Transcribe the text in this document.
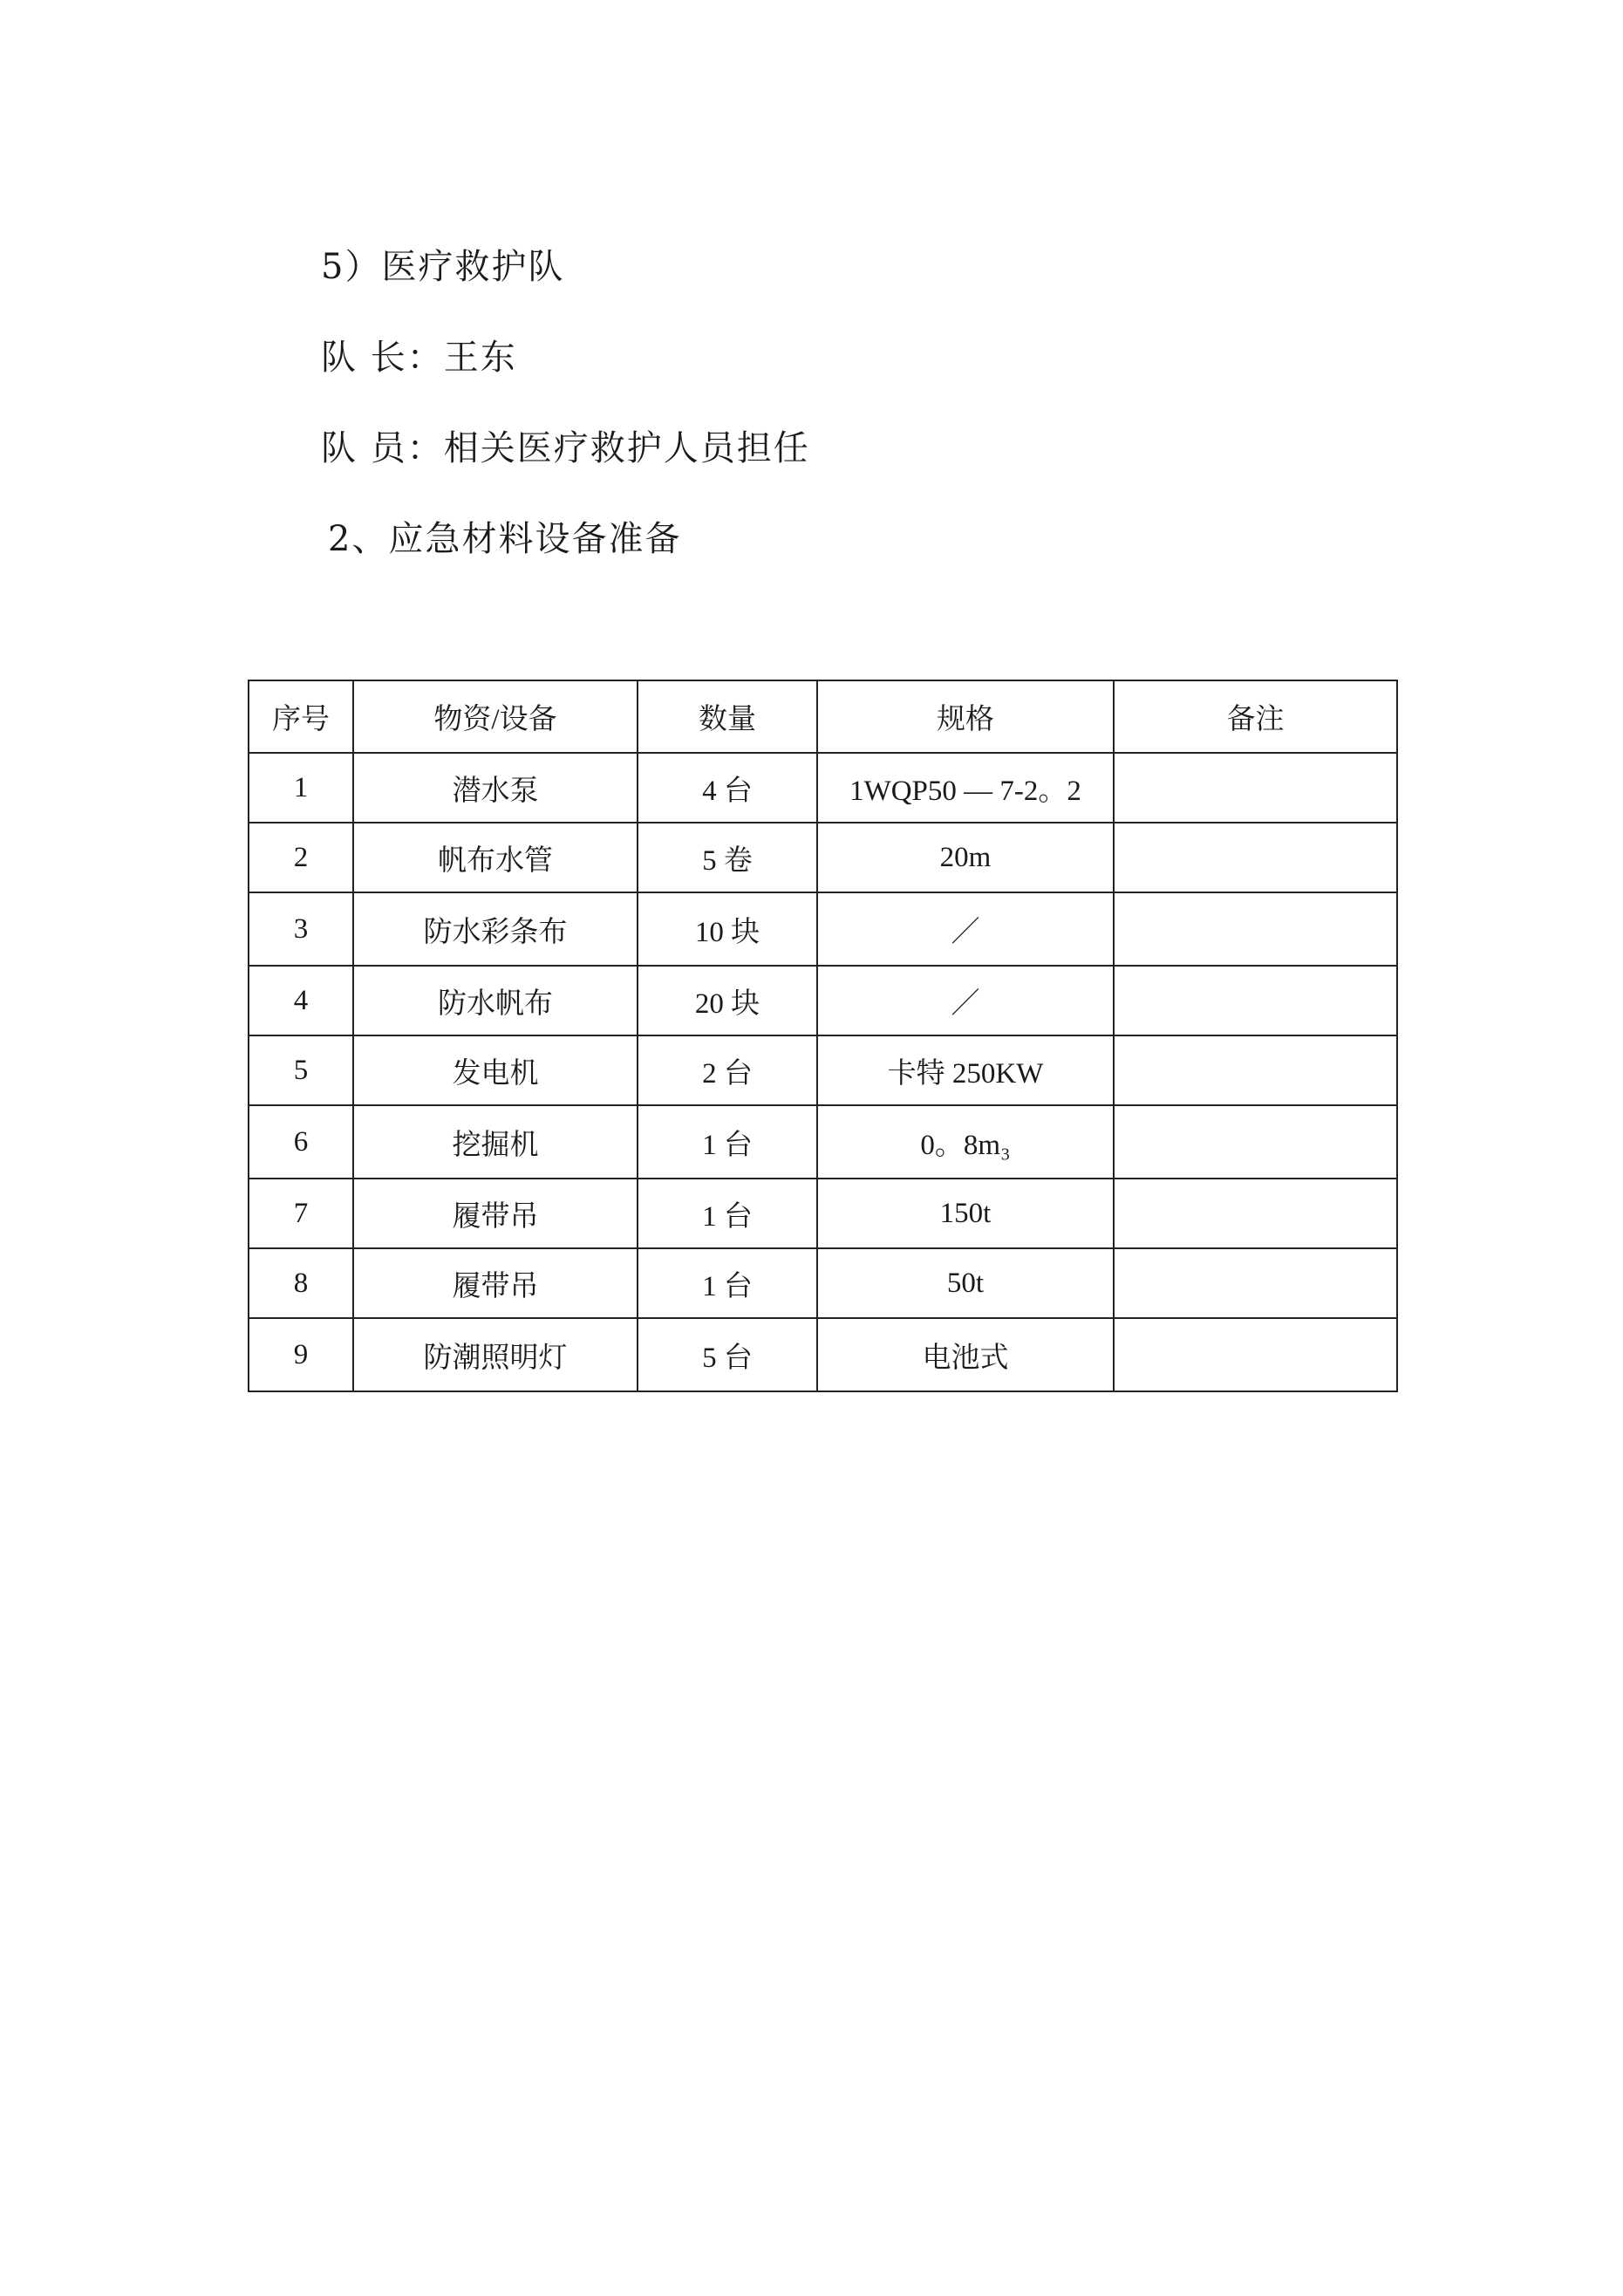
5）医疗救护队
队 长：王东
队 员：相关医疗救护人员担任
2、应急材料设备准备
序号	物资/设备	数量	规格	备注
1	潜水泵	4 台	1WQP50 — 7-2。2	
2	帆布水管	5 卷	20m	
3	防水彩条布	10 块	／	
4	防水帆布	20 块	／	
5	发电机	2 台	卡特 250KW	
6	挖掘机	1 台	0。8m₃	
7	履带吊	1 台	150t	
8	履带吊	1 台	50t	
9	防潮照明灯	5 台	电池式	
